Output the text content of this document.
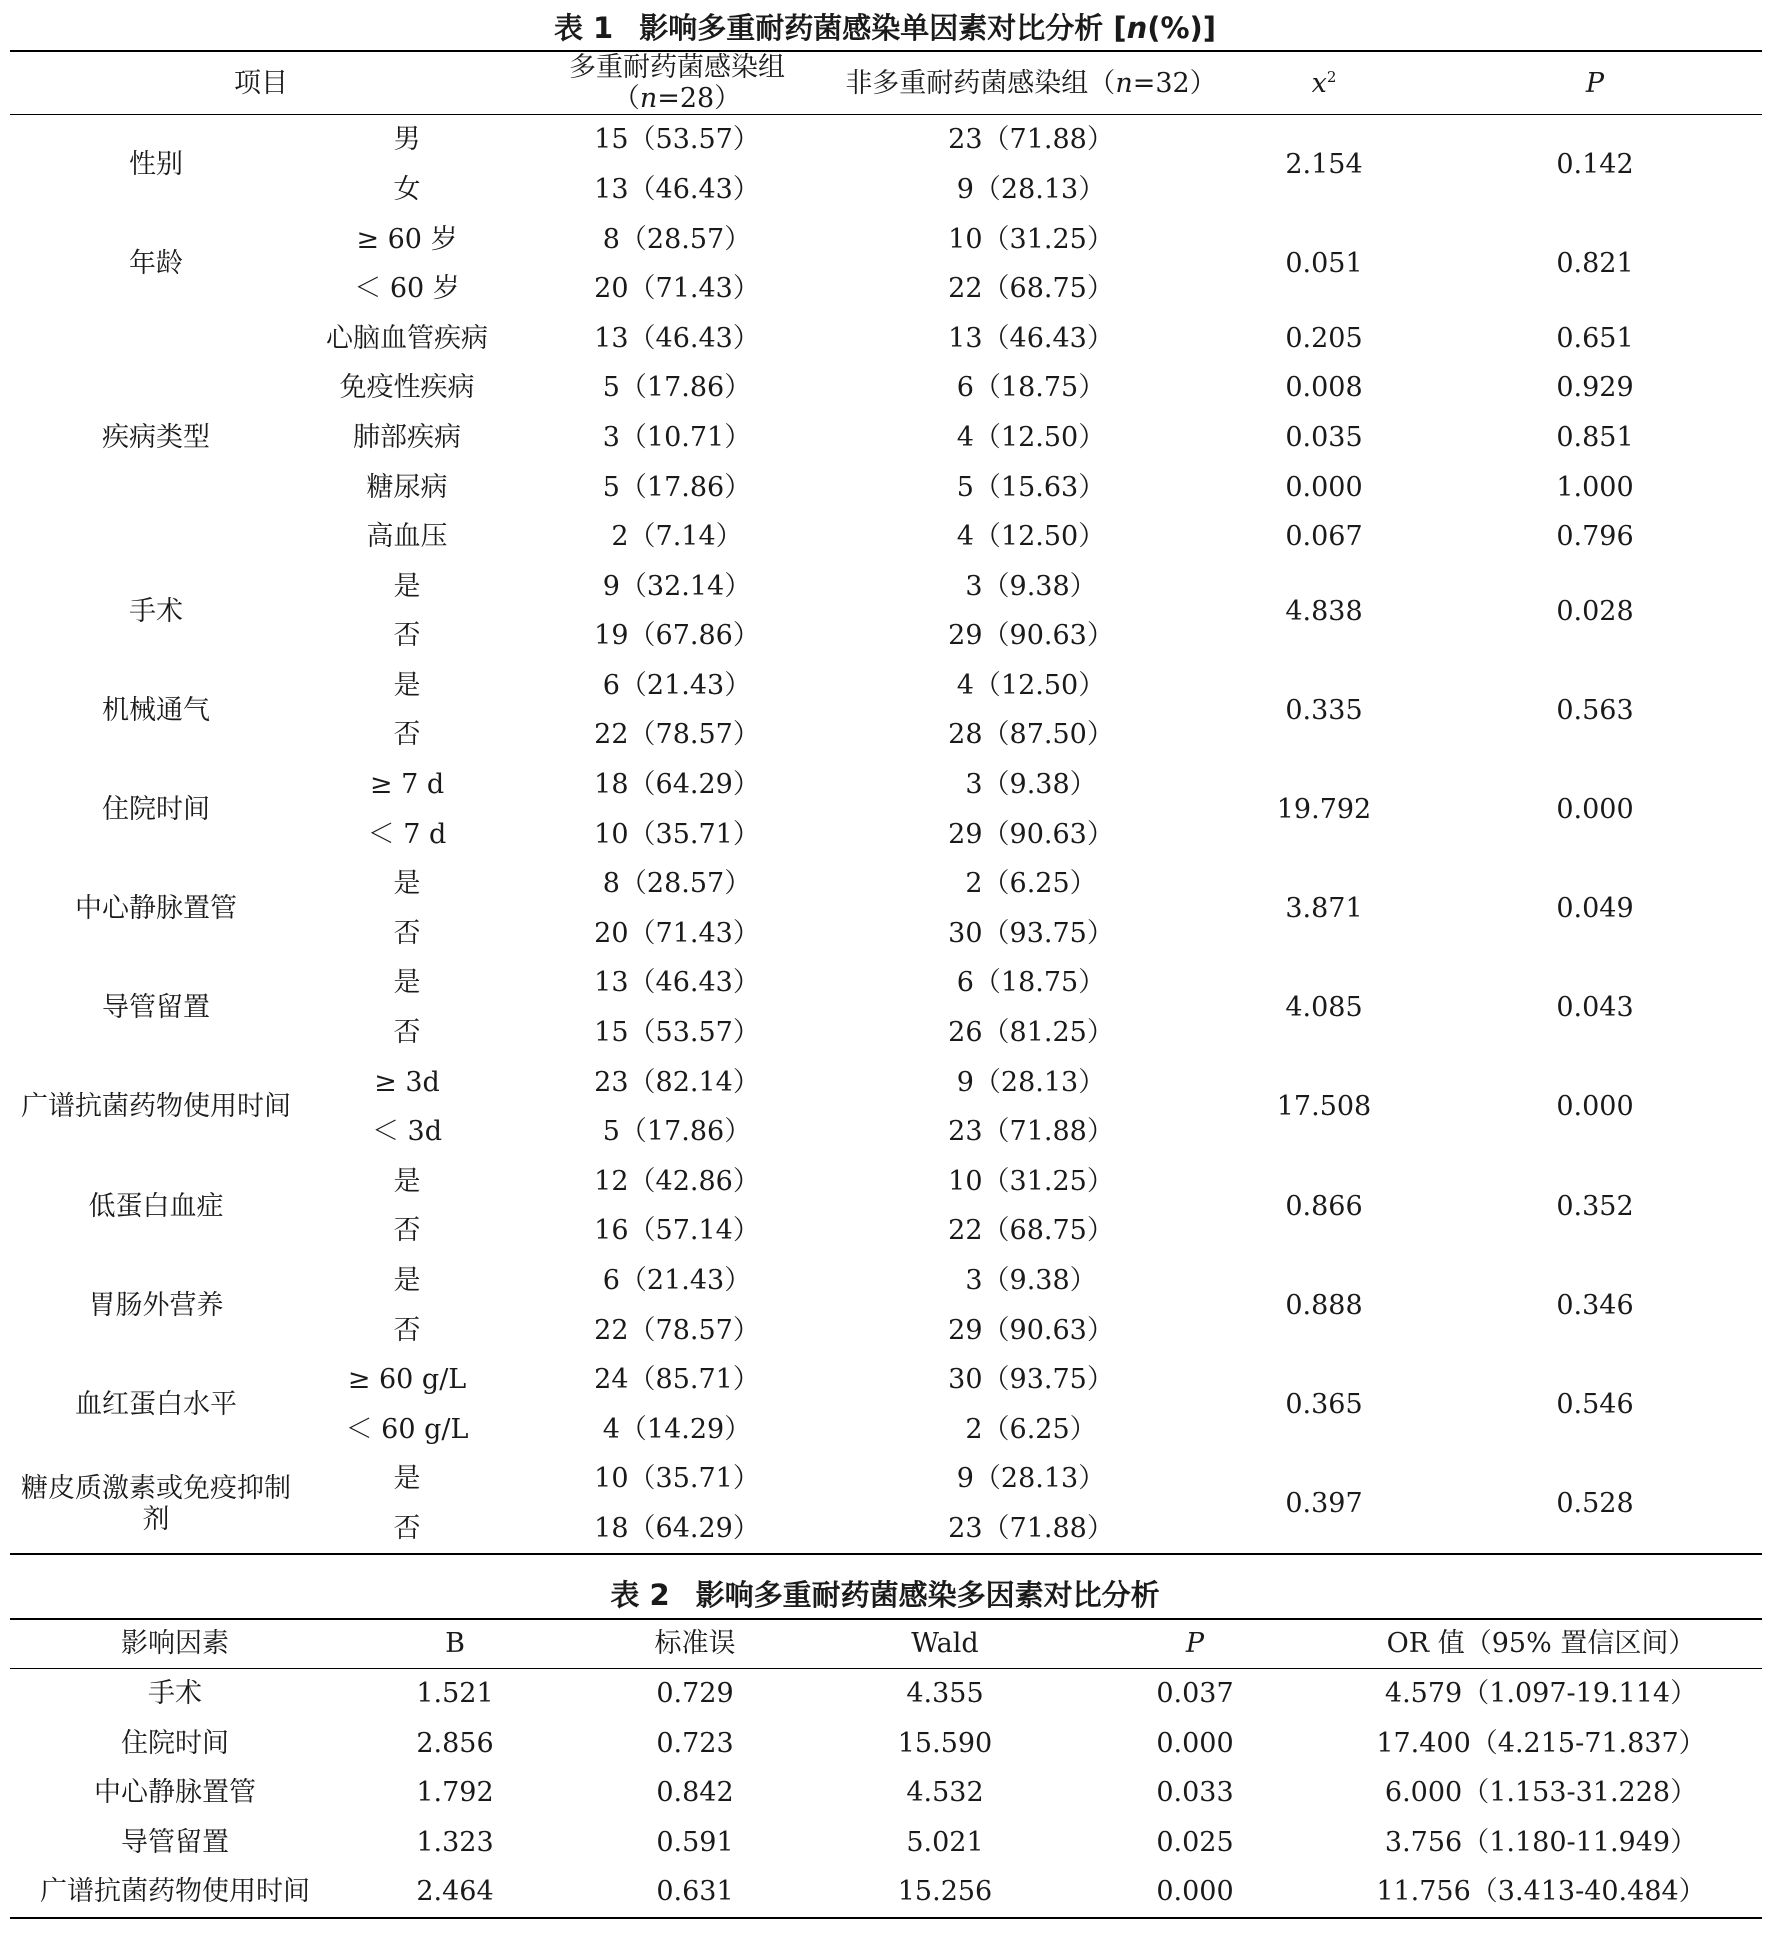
表 1 影响多重耐药菌感染单因素对比分析 [n(%)]
项目		多重耐药菌感染组（n=28）	非多重耐药菌感染组（n=32）	$x^2$	P
性别	男	15（53.57）	23（71.88）	2.154	0.142
	女	13（46.43）	9（28.13）		
年龄	≥ 60 岁	8（28.57）	10（31.25）	0.051	0.821
	＜ 60 岁	20（71.43）	22（68.75）		
疾病类型	心脑血管疾病	13（46.43）	13（46.43）	0.205	0.651
	免疫性疾病	5（17.86）	6（18.75）	0.008	0.929
	肺部疾病	3（10.71）	4（12.50）	0.035	0.851
	糖尿病	5（17.86）	5（15.63）	0.000	1.000
	高血压	2（7.14）	4（12.50）	0.067	0.796
手术	是	9（32.14）	3（9.38）	4.838	0.028
	否	19（67.86）	29（90.63）		
机械通气	是	6（21.43）	4（12.50）	0.335	0.563
	否	22（78.57）	28（87.50）		
住院时间	≥ 7 d	18（64.29）	3（9.38）	19.792	0.000
	＜ 7 d	10（35.71）	29（90.63）		
中心静脉置管	是	8（28.57）	2（6.25）	3.871	0.049
	否	20（71.43）	30（93.75）		
导管留置	是	13（46.43）	6（18.75）	4.085	0.043
	否	15（53.57）	26（81.25）		
广谱抗菌药物使用时间	≥ 3d	23（82.14）	9（28.13）	17.508	0.000
	＜ 3d	5（17.86）	23（71.88）		
低蛋白血症	是	12（42.86）	10（31.25）	0.866	0.352
	否	16（57.14）	22（68.75）		
胃肠外营养	是	6（21.43）	3（9.38）	0.888	0.346
	否	22（78.57）	29（90.63）		
血红蛋白水平	≥ 60 g/L	24（85.71）	30（93.75）	0.365	0.546
	＜ 60 g/L	4（14.29）	2（6.25）		
糖皮质激素或免疫抑制剂	是	10（35.71）	9（28.13）	0.397	0.528
	否	18（64.29）	23（71.88）		
表 2 影响多重耐药菌感染多因素对比分析
影响因素	B	标准误	Wald	P	OR 值（95% 置信区间）
手术	1.521	0.729	4.355	0.037	4.579（1.097-19.114）
住院时间	2.856	0.723	15.590	0.000	17.400（4.215-71.837）
中心静脉置管	1.792	0.842	4.532	0.033	6.000（1.153-31.228）
导管留置	1.323	0.591	5.021	0.025	3.756（1.180-11.949）
广谱抗菌药物使用时间	2.464	0.631	15.256	0.000	11.756（3.413-40.484）
